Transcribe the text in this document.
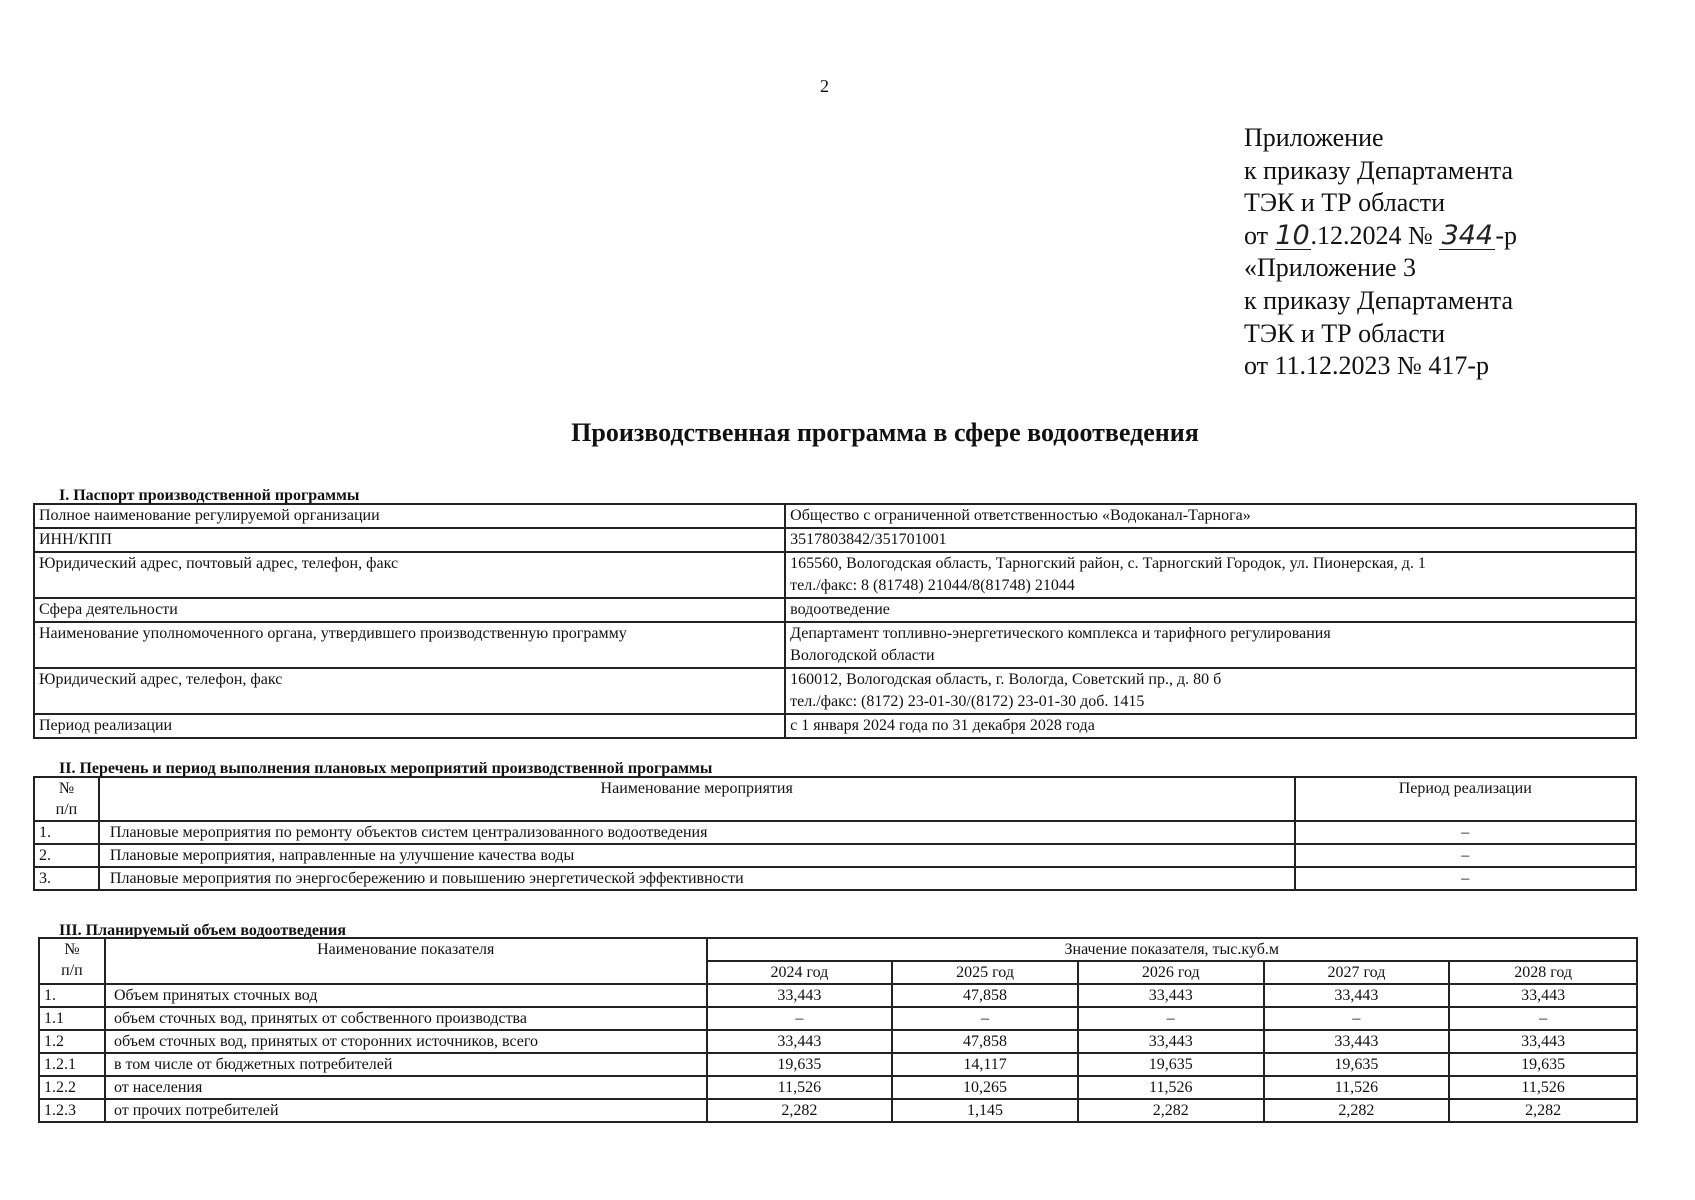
2
Приложение
к приказу Департамента
ТЭК и ТР области
от 10.12.2024 № 344-р
«Приложение 3
к приказу Департамента
ТЭК и ТР области
от 11.12.2023 № 417-р
Производственная программа в сфере водоотведения
I. Паспорт производственной программы
Полное наименование регулируемой организации	Общество с ограниченной ответственностью «Водоканал-Тарнога»
ИНН/КПП	3517803842/351701001
Юридический адрес, почтовый адрес, телефон, факс	165560, Вологодская область, Тарногский район, с. Тарногский Городок, ул. Пионерская, д. 1
тел./факс: 8 (81748) 21044/8(81748) 21044

Сфера деятельности	водоотведение
Наименование уполномоченного органа, утвердившего производственную программу	Департамент топливно-энергетического комплекса и тарифного регулирования
Вологодской области

Юридический адрес, телефон, факс	160012, Вологодская область, г. Вологда, Советский пр., д. 80 б
тел./факс: (8172) 23-01-30/(8172) 23-01-30 доб. 1415

Период реализации	с 1 января 2024 года по 31 декабря 2028 года
II. Перечень и период выполнения плановых мероприятий производственной программы
№
п/п	Наименование мероприятия	Период реализации
1.	Плановые мероприятия по ремонту объектов систем централизованного водоотведения	–
2.	Плановые мероприятия, направленные на улучшение качества воды	–
3.	Плановые мероприятия по энергосбережению и повышению энергетической эффективности	–
III. Планируемый объем водоотведения
№
п/п	Наименование показателя	Значение показателя, тыс.куб.м				
		2024 год	2025 год	2026 год	2027 год	2028 год
1.	Объем принятых сточных вод	33,443	47,858	33,443	33,443	33,443
1.1	объем сточных вод, принятых от собственного производства	–	–	–	–	–
1.2	объем сточных вод, принятых от сторонних источников, всего	33,443	47,858	33,443	33,443	33,443
1.2.1	в том числе от бюджетных потребителей	19,635	14,117	19,635	19,635	19,635
1.2.2	от населения	11,526	10,265	11,526	11,526	11,526
1.2.3	от прочих потребителей	2,282	1,145	2,282	2,282	2,282
